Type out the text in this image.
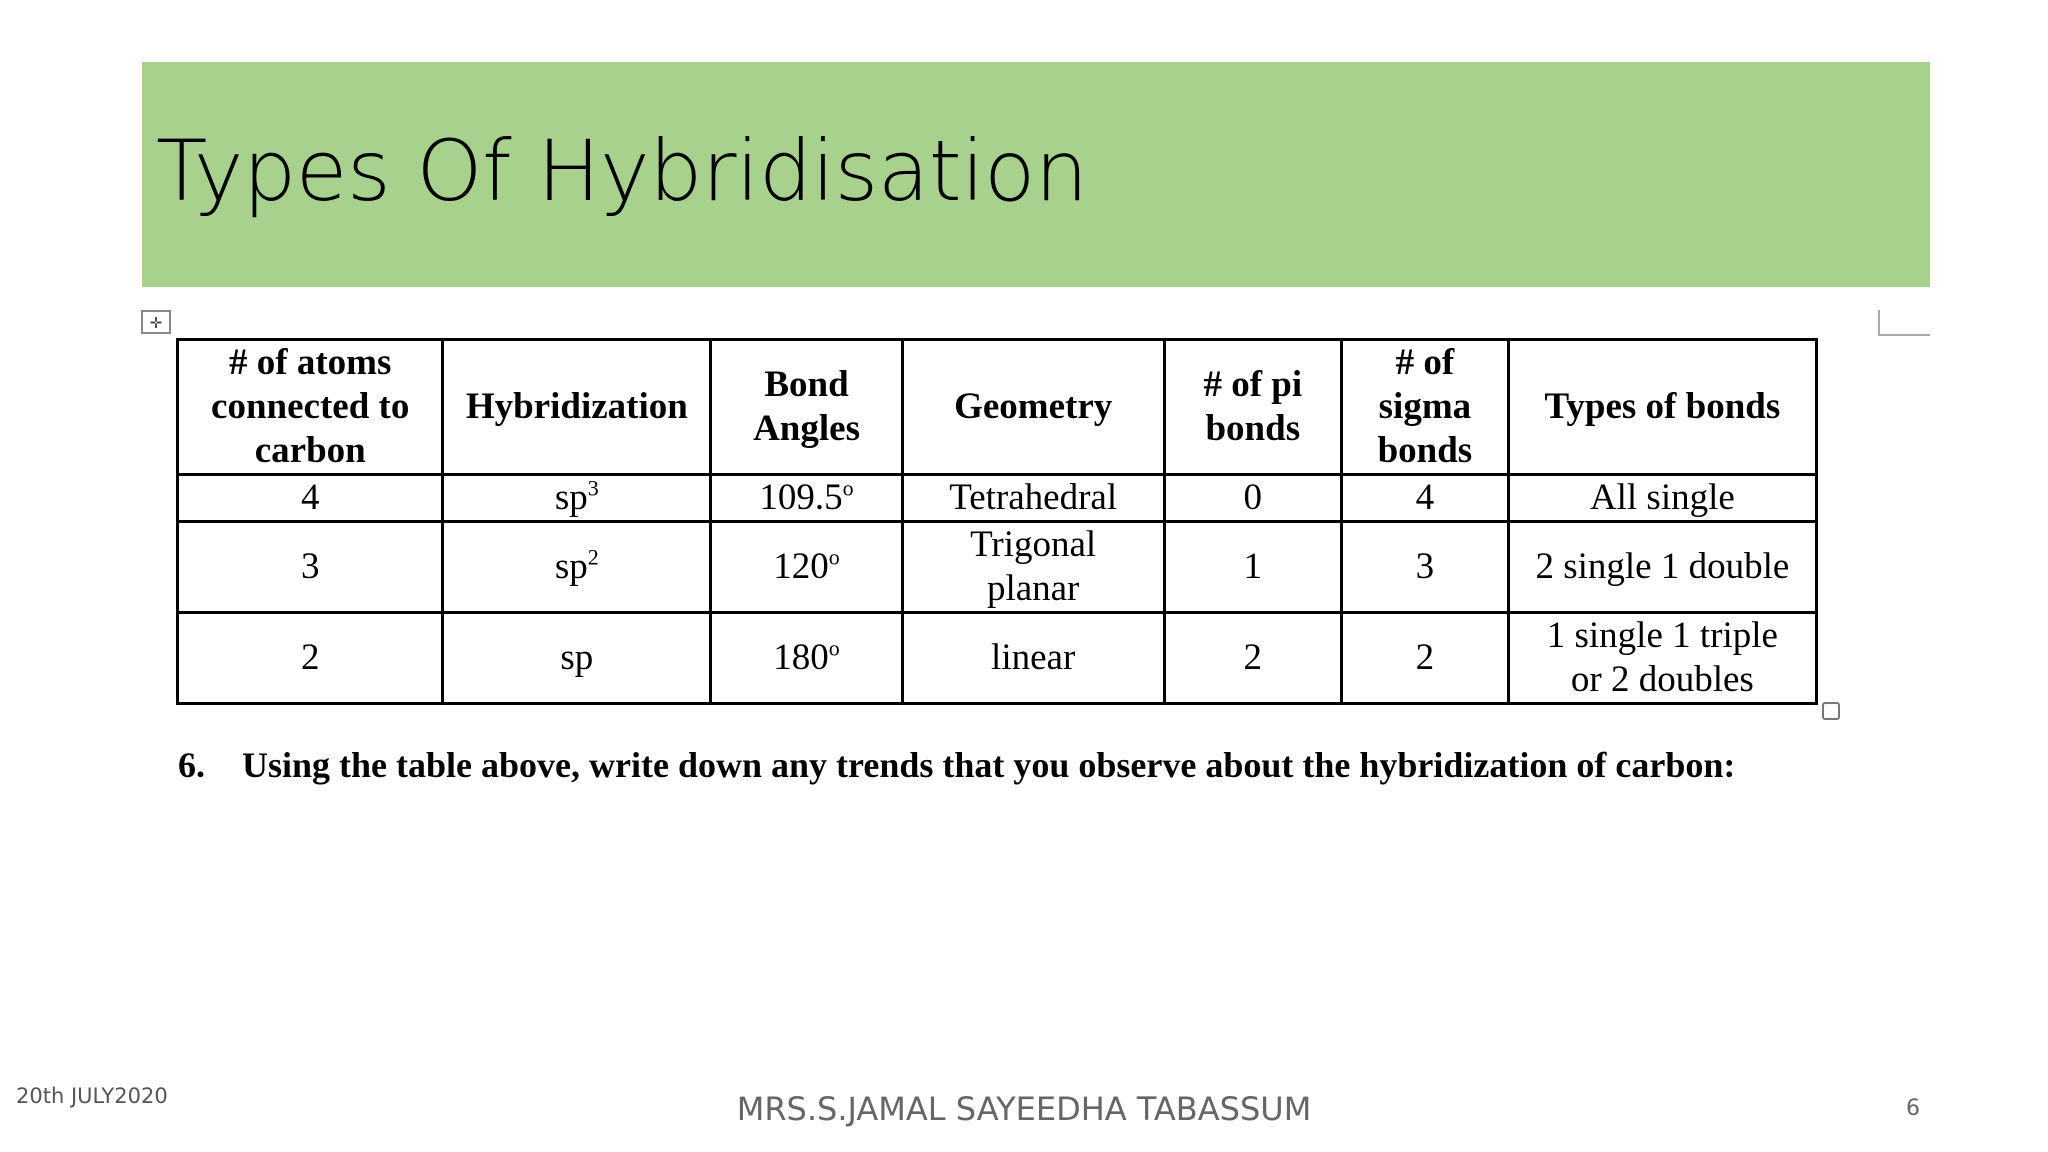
Types Of Hybridisation
✛
# of atoms connected to carbon	Hybridization	Bond Angles	Geometry	# of pi bonds	# of sigma bonds	Types of bonds
4	$sp^3$	109.5$^o$	Tetrahedral	0	4	All single
3	$sp^2$	120$^o$	Trigonal planar	1	3	2 single 1 double
2	sp	180$^o$	linear	2	2	1 single 1 triple or 2 doubles
6. Using the table above, write down any trends that you observe about the hybridization of carbon:
20th JULY2020	MRS.S.JAMAL SAYEEDHA TABASSUM	6
